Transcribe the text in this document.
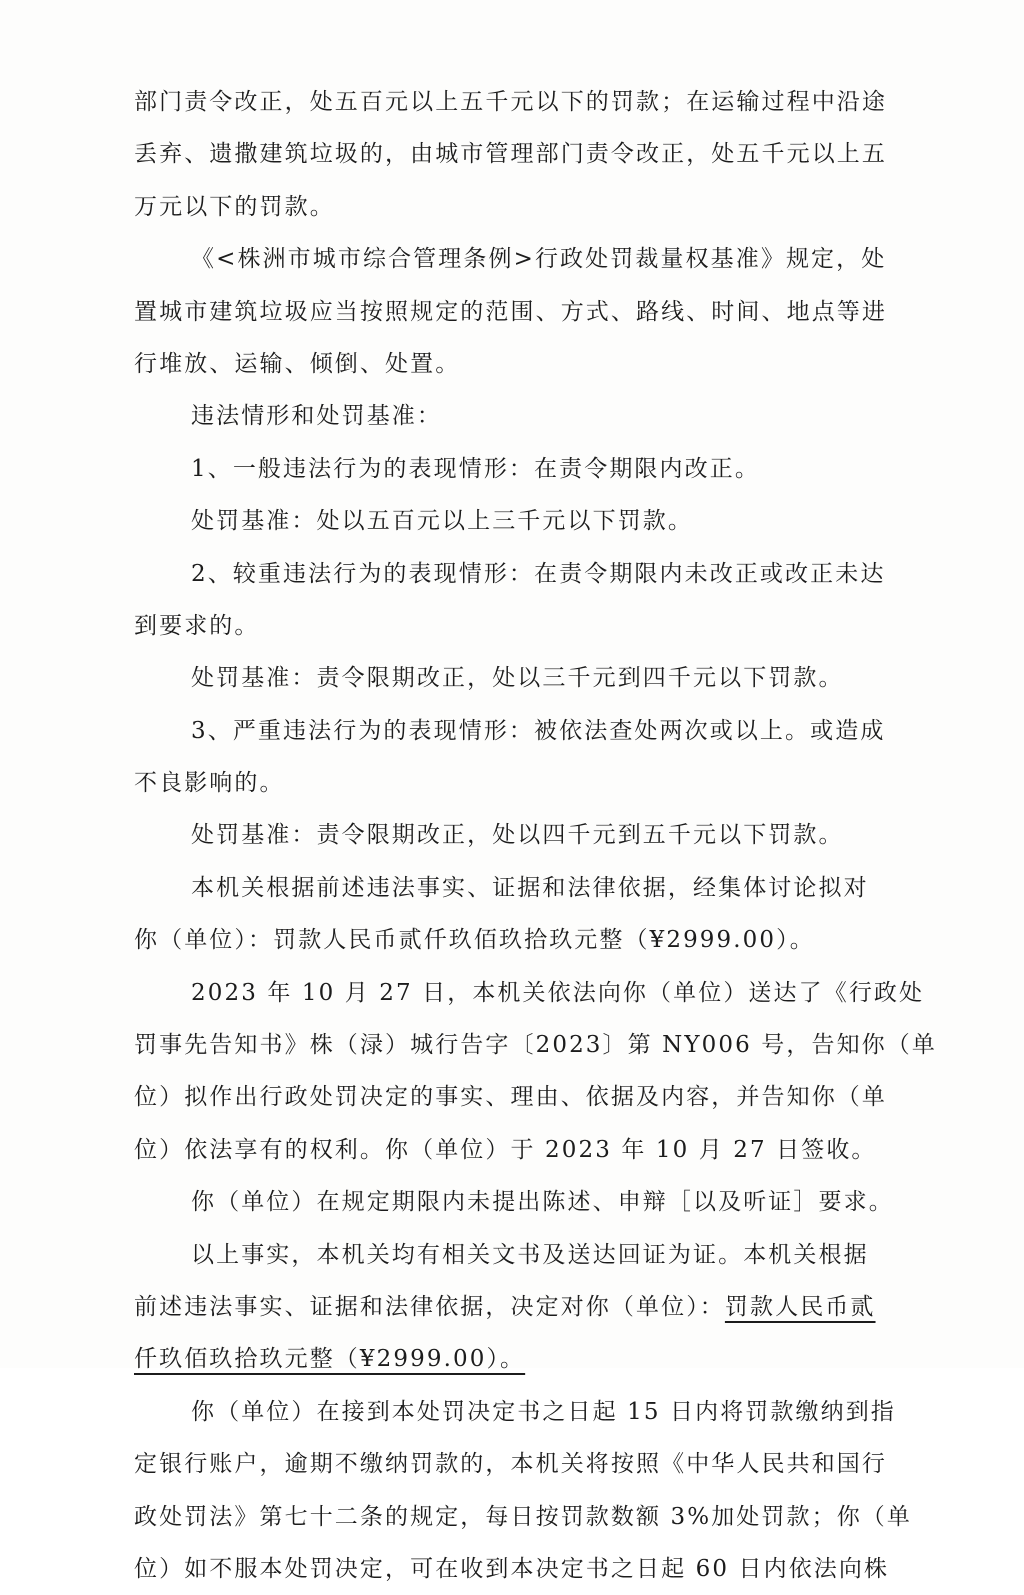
部门责令改正，处五百元以上五千元以下的罚款；在运输过程中沿途
丢弃、遗撒建筑垃圾的，由城市管理部门责令改正，处五千元以上五
万元以下的罚款。
《<株洲市城市综合管理条例>行政处罚裁量权基准》规定，处
置城市建筑垃圾应当按照规定的范围、方式、路线、时间、地点等进
行堆放、运输、倾倒、处置。
违法情形和处罚基准：
1、一般违法行为的表现情形：在责令期限内改正。
处罚基准：处以五百元以上三千元以下罚款。
2、较重违法行为的表现情形：在责令期限内未改正或改正未达
到要求的。
处罚基准：责令限期改正，处以三千元到四千元以下罚款。
3、严重违法行为的表现情形：被依法查处两次或以上。或造成
不良影响的。
处罚基准：责令限期改正，处以四千元到五千元以下罚款。
本机关根据前述违法事实、证据和法律依据，经集体讨论拟对
你（单位）：罚款人民币贰仟玖佰玖拾玖元整（¥2999.00）。
2023 年 10 月 27 日，本机关依法向你（单位）送达了《行政处
罚事先告知书》株（渌）城行告字〔2023〕第 NY006 号，告知你（单
位）拟作出行政处罚决定的事实、理由、依据及内容，并告知你（单
位）依法享有的权利。你（单位）于 2023 年 10 月 27 日签收。
你（单位）在规定期限内未提出陈述、申辩［以及听证］要求。
以上事实，本机关均有相关文书及送达回证为证。本机关根据
前述违法事实、证据和法律依据，决定对你（单位）：罚款人民币贰
仟玖佰玖拾玖元整（¥2999.00）。
你（单位）在接到本处罚决定书之日起 15 日内将罚款缴纳到指
定银行账户，逾期不缴纳罚款的，本机关将按照《中华人民共和国行
政处罚法》第七十二条的规定，每日按罚款数额 3%加处罚款；你（单
位）如不服本处罚决定，可在收到本决定书之日起 60 日内依法向株
